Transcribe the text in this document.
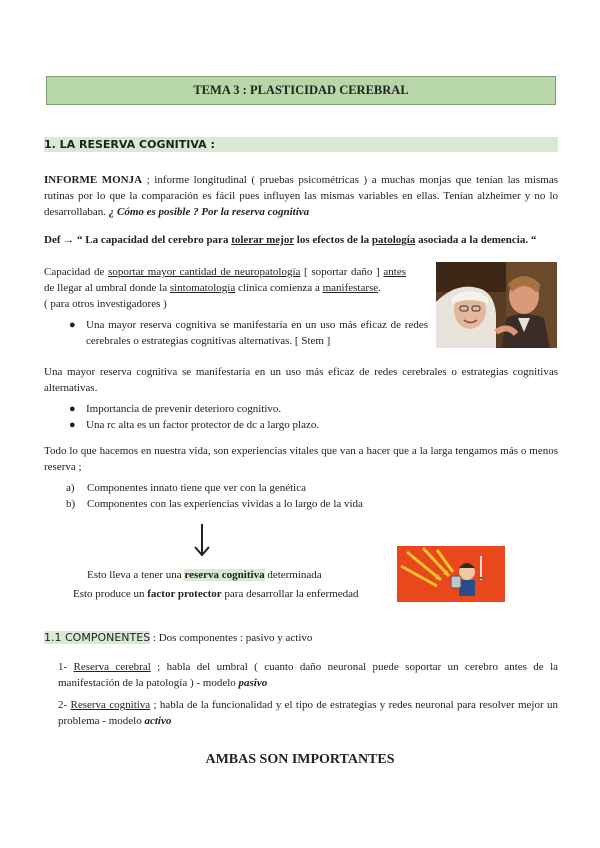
TEMA 3 : PLASTICIDAD CEREBRAL
1. LA RESERVA COGNITIVA :
INFORME MONJA ; informe longitudinal ( pruebas psicométricas ) a muchas monjas que tenían las mismas rutinas por lo que la comparación es fácil pues influyen las mismas variables en ellas. Tenían alzheimer y no lo desarrollaban. ¿ Cómo es posible ? Por la reserva cognitiva
Def → “ La capacidad del cerebro para tolerar mejor los efectos de la patología asociada a la demencia. “
Capacidad de soportar mayor cantidad de neuropatología [ soportar daño ] antes de llegar al umbral donde la sintomatología clínica comienza a manifestarse.
( para otros investigadores )
● Una mayor reserva cognitiva se manifestaría en un uso más eficaz de redes cerebrales o estrategias cognitivas alternativas. [ Stem ]
Una mayor reserva cognitiva se manifestaría en un uso más eficaz de redes cerebrales o estrategias cognitivas alternativas.
● Importancia de prevenir deterioro cognitivo.
● Una rc alta es un factor protector de dc a largo plazo.
Todo lo que hacemos en nuestra vida, son experiencias vitales que van a hacer que a la larga tengamos más o menos reserva ;
a) Componentes innato tiene que ver con la genética
b) Componentes con las experiencias vividas a lo largo de la vida
Esto lleva a tener una reserva cognitiva determinada
Esto produce un factor protector para desarrollar la enfermedad
1.1 COMPONENTES : Dos componentes : pasivo y activo
1- Reserva cerebral ; habla del umbral ( cuanto daño neuronal puede soportar un cerebro antes de la manifestación de la patología ) - modelo pasivo
2- Reserva cognitiva ; habla de la funcionalidad y el tipo de estrategias y redes neuronal para resolver mejor un problema - modelo activo
AMBAS SON IMPORTANTES
